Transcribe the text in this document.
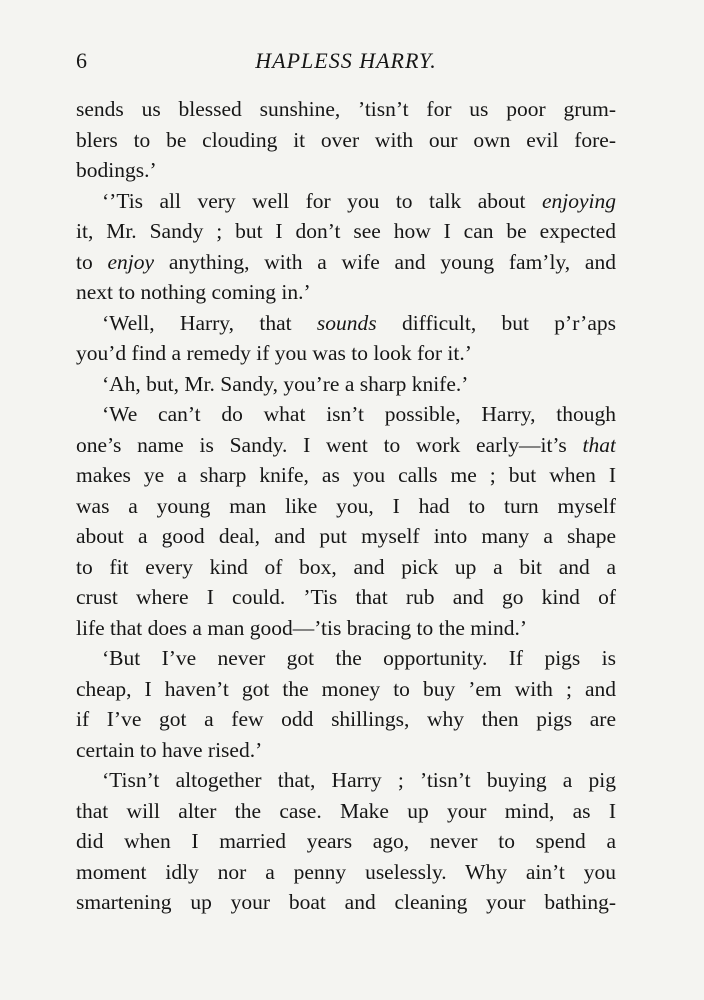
6	HAPLESS HARRY.
sends us blessed sunshine, ’tisn’t for us poor grum-
blers to be clouding it over with our own evil fore-
bodings.’
‘’Tis all very well for you to talk about enjoying
it, Mr. Sandy ; but I don’t see how I can be expected
to enjoy anything, with a wife and young fam’ly, and
next to nothing coming in.’
‘Well, Harry, that sounds difficult, but p’r’aps
you’d find a remedy if you was to look for it.’
‘Ah, but, Mr. Sandy, you’re a sharp knife.’
‘We can’t do what isn’t possible, Harry, though
one’s name is Sandy. I went to work early—it’s that
makes ye a sharp knife, as you calls me ; but when I
was a young man like you, I had to turn myself
about a good deal, and put myself into many a shape
to fit every kind of box, and pick up a bit and a
crust where I could. ’Tis that rub and go kind of
life that does a man good—’tis bracing to the mind.’
‘But I’ve never got the opportunity. If pigs is
cheap, I haven’t got the money to buy ’em with ; and
if I’ve got a few odd shillings, why then pigs are
certain to have rised.’
‘Tisn’t altogether that, Harry ; ’tisn’t buying a pig
that will alter the case. Make up your mind, as I
did when I married years ago, never to spend a
moment idly nor a penny uselessly. Why ain’t you
smartening up your boat and cleaning your bathing-
